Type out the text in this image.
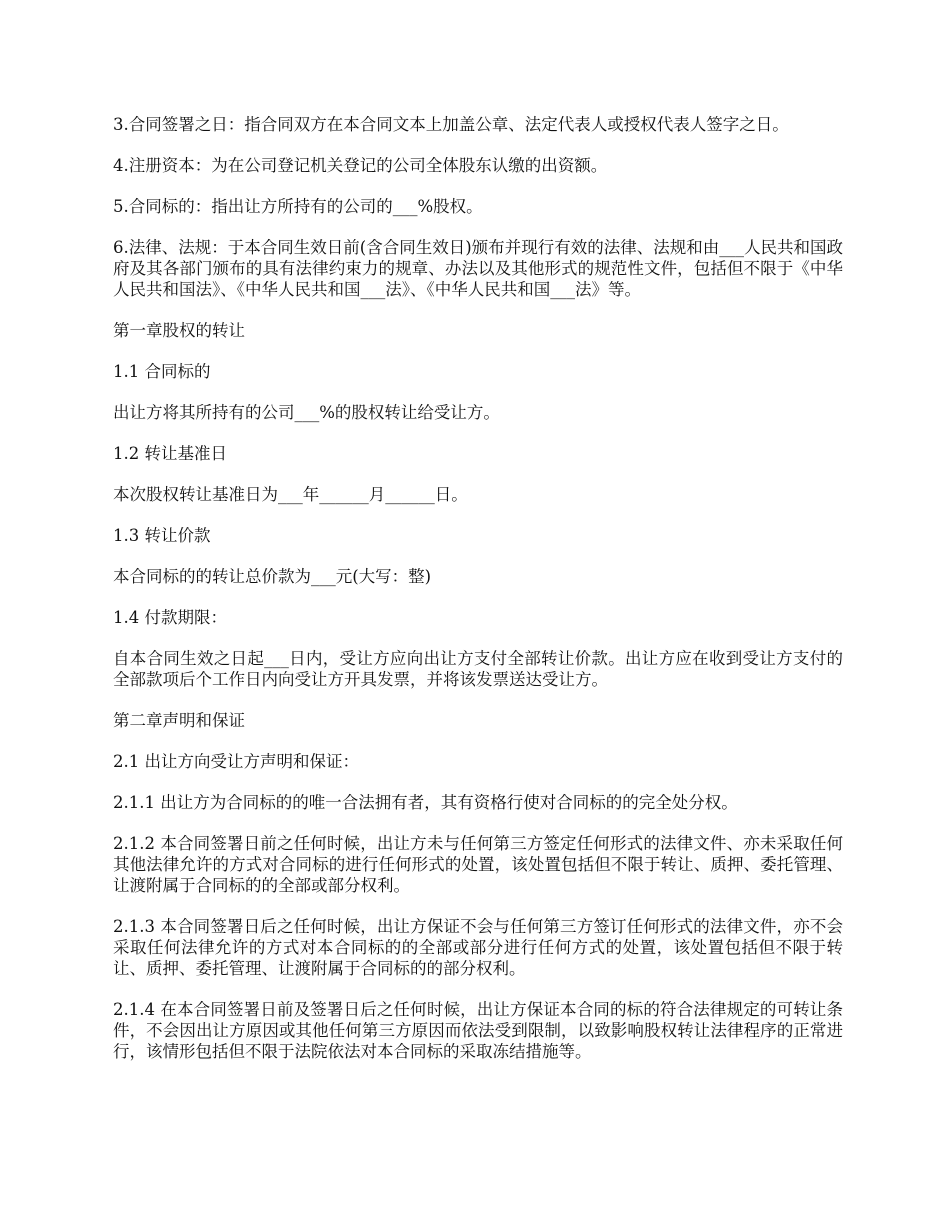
3.合同签署之日：指合同双方在本合同文本上加盖公章、法定代表人或授权代表人签字之日。

4.注册资本：为在公司登记机关登记的公司全体股东认缴的出资额。

5.合同标的：指出让方所持有的公司的___%股权。

6.法律、法规：于本合同生效日前(含合同生效日)颁布并现行有效的法律、法规和由___人民共和国政府及其各部门颁布的具有法律约束力的规章、办法以及其他形式的规范性文件，包括但不限于《中华人民共和国法》、《中华人民共和国___法》、《中华人民共和国___法》等。

第一章股权的转让

1.1 合同标的

出让方将其所持有的公司___%的股权转让给受让方。

1.2 转让基准日

本次股权转让基准日为___年______月______日。

1.3 转让价款

本合同标的的转让总价款为___元(大写：整)

1.4 付款期限：

自本合同生效之日起___日内，受让方应向出让方支付全部转让价款。出让方应在收到受让方支付的全部款项后个工作日内向受让方开具发票，并将该发票送达受让方。

第二章声明和保证

2.1 出让方向受让方声明和保证：

2.1.1 出让方为合同标的的唯一合法拥有者，其有资格行使对合同标的的完全处分权。

2.1.2 本合同签署日前之任何时候，出让方未与任何第三方签定任何形式的法律文件、亦未采取任何其他法律允许的方式对合同标的进行任何形式的处置，该处置包括但不限于转让、质押、委托管理、让渡附属于合同标的的全部或部分权利。

2.1.3 本合同签署日后之任何时候，出让方保证不会与任何第三方签订任何形式的法律文件，亦不会采取任何法律允许的方式对本合同标的的全部或部分进行任何方式的处置，该处置包括但不限于转让、质押、委托管理、让渡附属于合同标的的部分权利。

2.1.4 在本合同签署日前及签署日后之任何时候，出让方保证本合同的标的符合法律规定的可转让条件，不会因出让方原因或其他任何第三方原因而依法受到限制，以致影响股权转让法律程序的正常进行，该情形包括但不限于法院依法对本合同标的采取冻结措施等。
